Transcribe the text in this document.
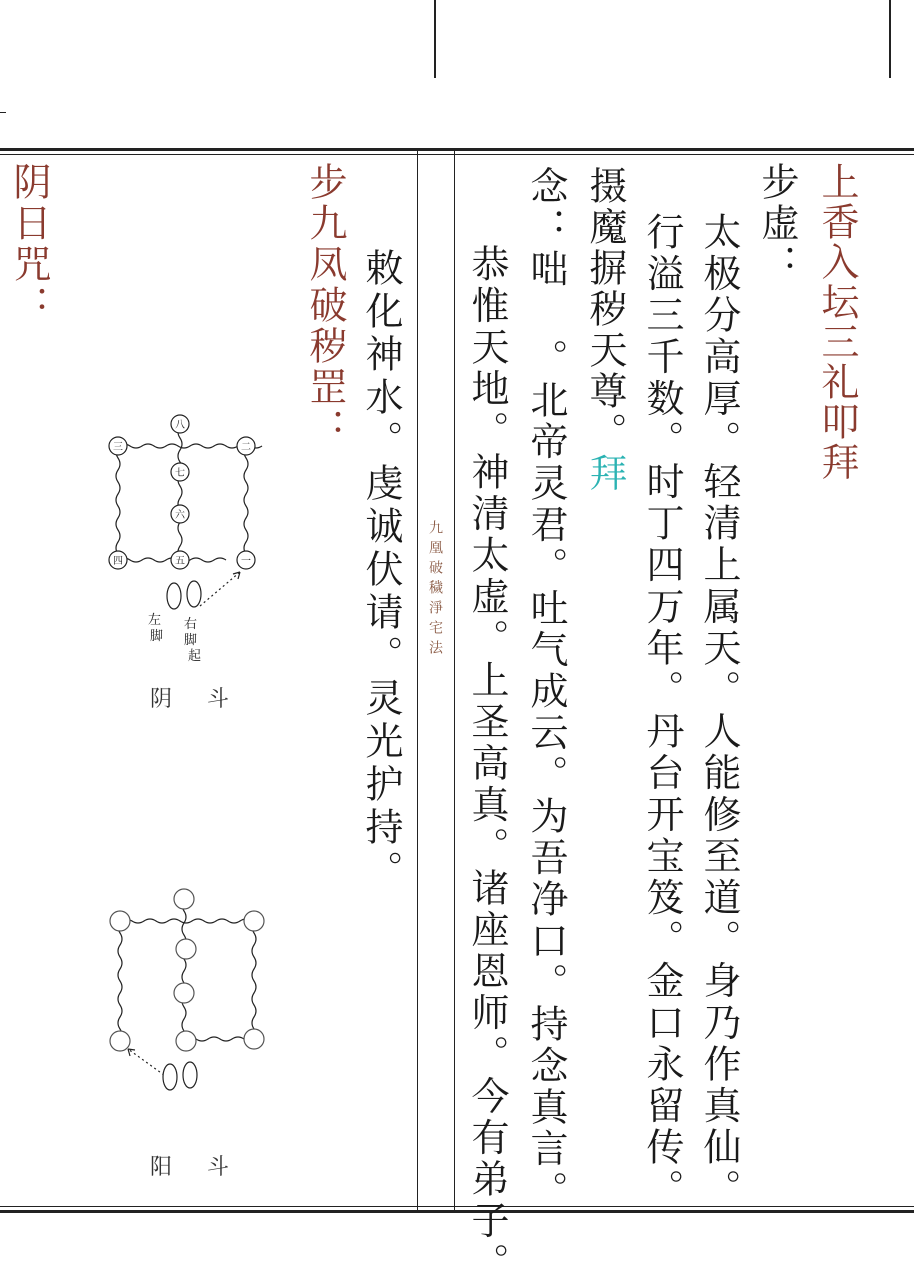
九凰破穢淨宅法
上香入坛三礼叩拜
步虚：
太极分高厚。轻清上属天。人能修至道。身乃作真仙。
行溢三千数。时丁四万年。丹台开宝笈。金口永留传。
摄魔摒秽天尊。拜
念：咄 。北帝灵君。吐气成云。为吾净口。持念真言。
恭惟天地。神清太虚。上圣高真。诸座恩师。今有弟子。
步九凤破秽罡： 敕化神水。虔诚伏请。灵光护持。
阴日咒：
八
三	二
七
六
四	五	一
左
脚
右
脚
起
阴 斗
阳 斗
